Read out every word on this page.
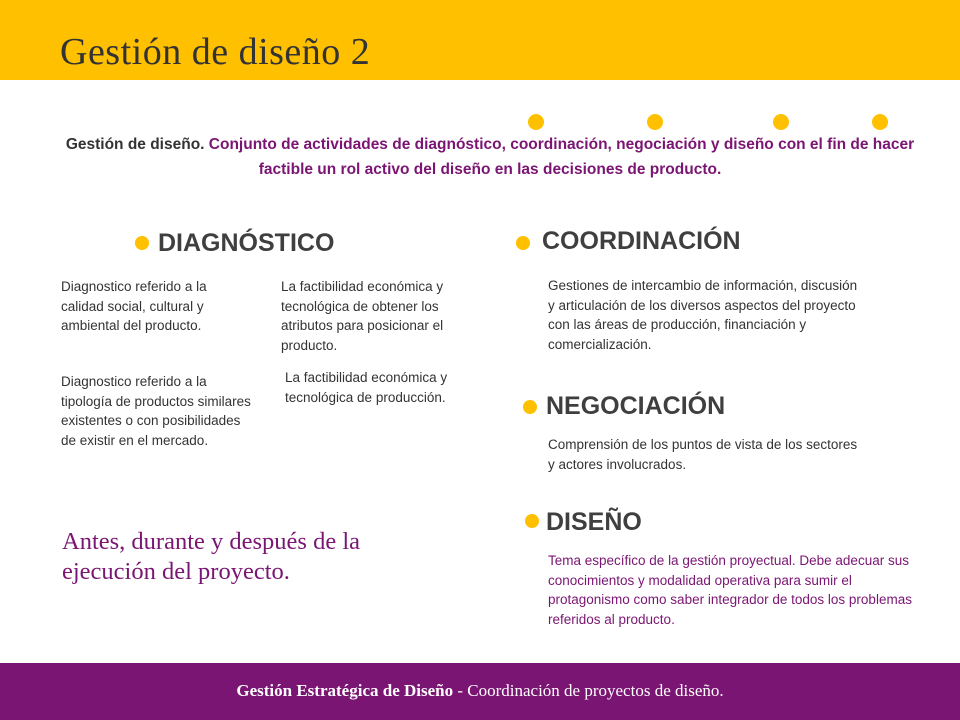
Gestión de diseño 2
Gestión de diseño. Conjunto de actividades de diagnóstico, coordinación, negociación y diseño con el fin de hacer factible un rol activo del diseño en las decisiones de producto.
DIAGNÓSTICO
Diagnostico referido a la calidad social, cultural y ambiental del producto.
Diagnostico referido a la tipología de productos similares existentes o con posibilidades de existir en el mercado.
La factibilidad económica y tecnológica de obtener los atributos para posicionar el producto.
La factibilidad económica y tecnológica de producción.
COORDINACIÓN
Gestiones de intercambio de información, discusión y articulación de los diversos aspectos del proyecto con las áreas de producción, financiación y comercialización.
NEGOCIACIÓN
Comprensión de los puntos de vista de los sectores y actores involucrados.
DISEÑO
Tema específico de la gestión proyectual. Debe adecuar sus conocimientos y modalidad operativa para sumir el protagonismo como saber integrador de todos los problemas referidos al producto.
Antes, durante y después de la ejecución del proyecto.
Gestión Estratégica de Diseño - Coordinación de proyectos de diseño.
